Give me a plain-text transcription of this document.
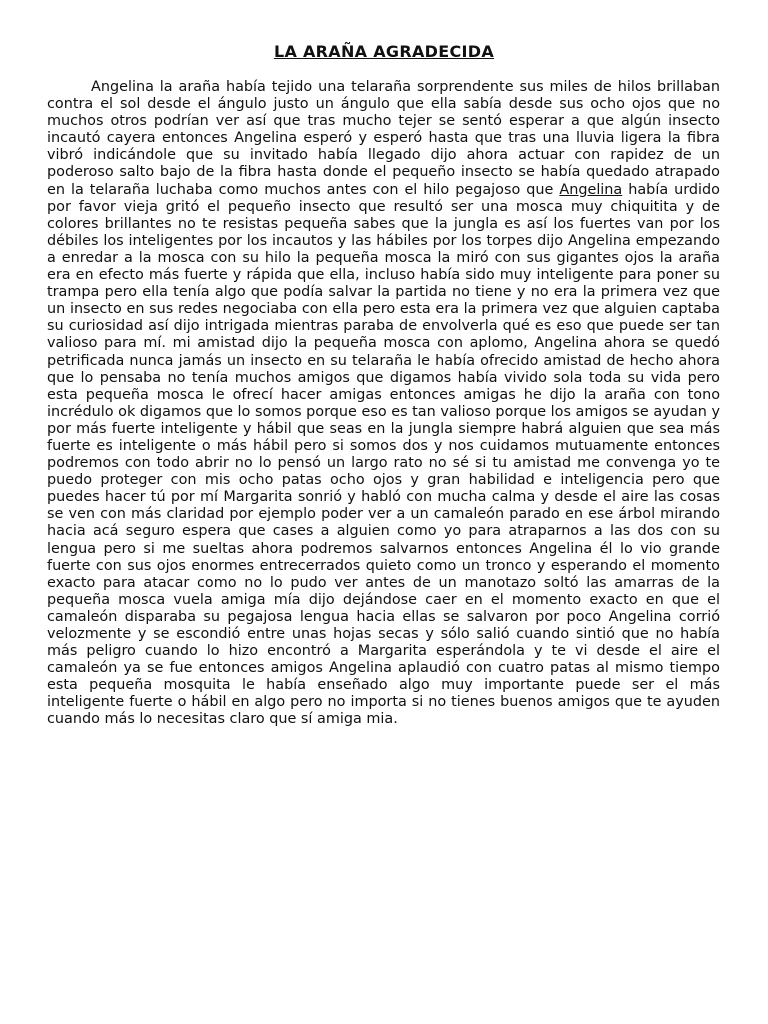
LA ARAÑA AGRADECIDA

Angelina la araña había tejido una telaraña sorprendente sus miles de hilos brillaban contra el sol desde el ángulo justo un ángulo que ella sabía desde sus ocho ojos que no muchos otros podrían ver así que tras mucho tejer se sentó esperar a que algún insecto incautó cayera entonces Angelina esperó y esperó hasta que tras una lluvia ligera la fibra vibró indicándole que su invitado había llegado dijo ahora actuar con rapidez de un poderoso salto bajo de la fibra hasta donde el pequeño insecto se había quedado atrapado en la telaraña luchaba como muchos antes con el hilo pegajoso que Angelina había urdido por favor vieja gritó el pequeño insecto que resultó ser una mosca muy chiquitita y de colores brillantes no te resistas pequeña sabes que la jungla es así los fuertes van por los débiles los inteligentes por los incautos y las hábiles por los torpes dijo Angelina empezando a enredar a la mosca con su hilo la pequeña mosca la miró con sus gigantes ojos la araña era en efecto más fuerte y rápida que ella, incluso había sido muy inteligente para poner su trampa pero ella tenía algo que podía salvar la partida no tiene y no era la primera vez que un insecto en sus redes negociaba con ella pero esta era la primera vez que alguien captaba su curiosidad así dijo intrigada mientras paraba de envolverla qué es eso que puede ser tan valioso para mí. mi amistad dijo la pequeña mosca con aplomo, Angelina ahora se quedó petrificada nunca jamás un insecto en su telaraña le había ofrecido amistad de hecho ahora que lo pensaba no tenía muchos amigos que digamos había vivido sola toda su vida pero esta pequeña mosca le ofrecí hacer amigas entonces amigas he dijo la araña con tono incrédulo ok digamos que lo somos porque eso es tan valioso porque los amigos se ayudan y por más fuerte inteligente y hábil que seas en la jungla siempre habrá alguien que sea más fuerte es inteligente o más hábil pero si somos dos y nos cuidamos mutuamente entonces podremos con todo abrir no lo pensó un largo rato no sé si tu amistad me convenga yo te puedo proteger con mis ocho patas ocho ojos y gran habilidad e inteligencia pero que puedes hacer tú por mí Margarita sonrió y habló con mucha calma y desde el aire las cosas se ven con más claridad por ejemplo poder ver a un camaleón parado en ese árbol mirando hacia acá seguro espera que cases a alguien como yo para atraparnos a las dos con su lengua pero si me sueltas ahora podremos salvarnos entonces Angelina él lo vio grande fuerte con sus ojos enormes entrecerrados quieto como un tronco y esperando el momento exacto para atacar como no lo pudo ver antes de un manotazo soltó las amarras de la pequeña mosca vuela amiga mía dijo dejándose caer en el momento exacto en que el camaleón disparaba su pegajosa lengua hacia ellas se salvaron por poco Angelina corrió velozmente y se escondió entre unas hojas secas y sólo salió cuando sintió que no había más peligro cuando lo hizo encontró a Margarita esperándola y te vi desde el aire el camaleón ya se fue entonces amigos Angelina aplaudió con cuatro patas al mismo tiempo esta pequeña mosquita le había enseñado algo muy importante puede ser el más inteligente fuerte o hábil en algo pero no importa si no tienes buenos amigos que te ayuden cuando más lo necesitas claro que sí amiga mia.
